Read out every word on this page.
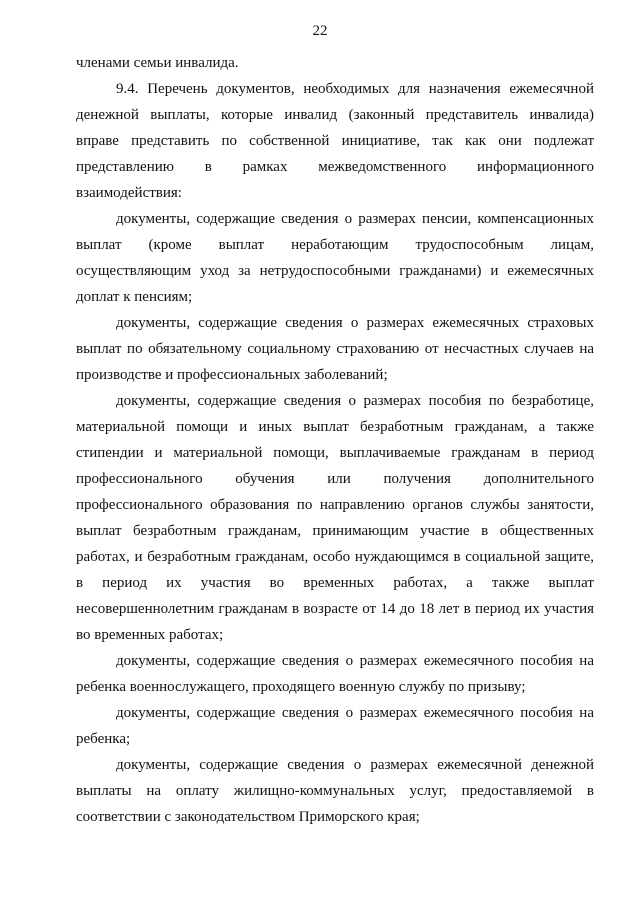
22

членами семьи инвалида.

9.4. Перечень документов, необходимых для назначения ежемесячной денежной выплаты, которые инвалид (законный представитель инвалида) вправе представить по собственной инициативе, так как они подлежат представлению в рамках межведомственного информационного взаимодействия:

документы, содержащие сведения о размерах пенсии, компенсационных выплат (кроме выплат неработающим трудоспособным лицам, осуществляющим уход за нетрудоспособными гражданами) и ежемесячных доплат к пенсиям;

документы, содержащие сведения о размерах ежемесячных страховых выплат по обязательному социальному страхованию от несчастных случаев на производстве и профессиональных заболеваний;

документы, содержащие сведения о размерах пособия по безработице, материальной помощи и иных выплат безработным гражданам, а также стипендии и материальной помощи, выплачиваемые гражданам в период профессионального обучения или получения дополнительного профессионального образования по направлению органов службы занятости, выплат безработным гражданам, принимающим участие в общественных работах, и безработным гражданам, особо нуждающимся в социальной защите, в период их участия во временных работах, а также выплат несовершеннолетним гражданам в возрасте от 14 до 18 лет в период их участия во временных работах;

документы, содержащие сведения о размерах ежемесячного пособия на ребенка военнослужащего, проходящего военную службу по призыву;

документы, содержащие сведения о размерах ежемесячного пособия на ребенка;

документы, содержащие сведения о размерах ежемесячной денежной выплаты на оплату жилищно-коммунальных услуг, предоставляемой в соответствии с законодательством Приморского края;
